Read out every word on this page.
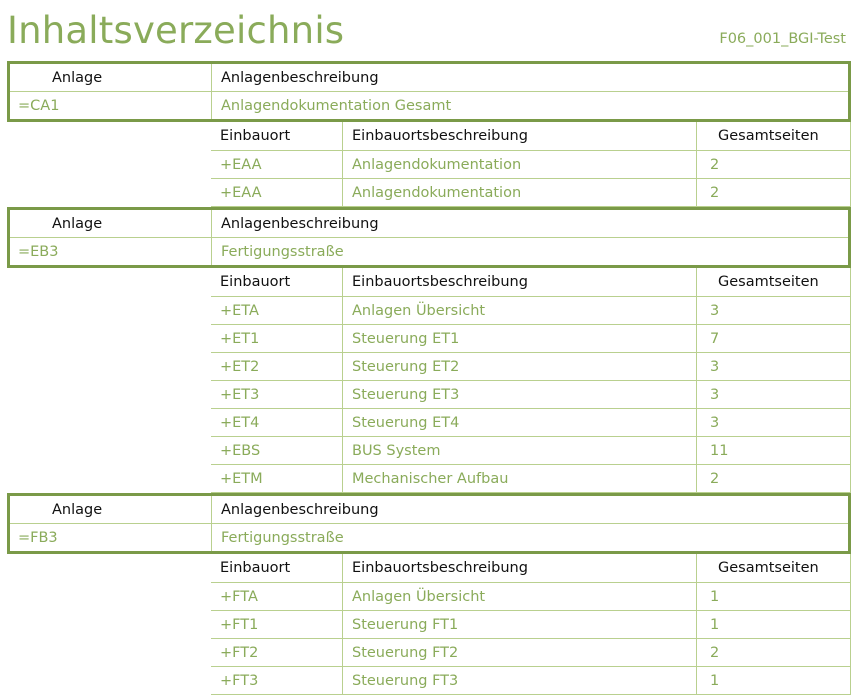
Inhaltsverzeichnis	F06_001_BGI-Test
Anlage	Anlagenbeschreibung
=CA1	Anlagendokumentation Gesamt
Einbauort	Einbauortsbeschreibung	Gesamtseiten
+EAA	Anlagendokumentation	2
+EAA	Anlagendokumentation	2
Anlage	Anlagenbeschreibung
=EB3	Fertigungsstraße
Einbauort	Einbauortsbeschreibung	Gesamtseiten
+ETA	Anlagen Übersicht	3
+ET1	Steuerung ET1	7
+ET2	Steuerung ET2	3
+ET3	Steuerung ET3	3
+ET4	Steuerung ET4	3
+EBS	BUS System	11
+ETM	Mechanischer Aufbau	2
Anlage	Anlagenbeschreibung
=FB3	Fertigungsstraße
Einbauort	Einbauortsbeschreibung	Gesamtseiten
+FTA	Anlagen Übersicht	1
+FT1	Steuerung FT1	1
+FT2	Steuerung FT2	2
+FT3	Steuerung FT3	1
